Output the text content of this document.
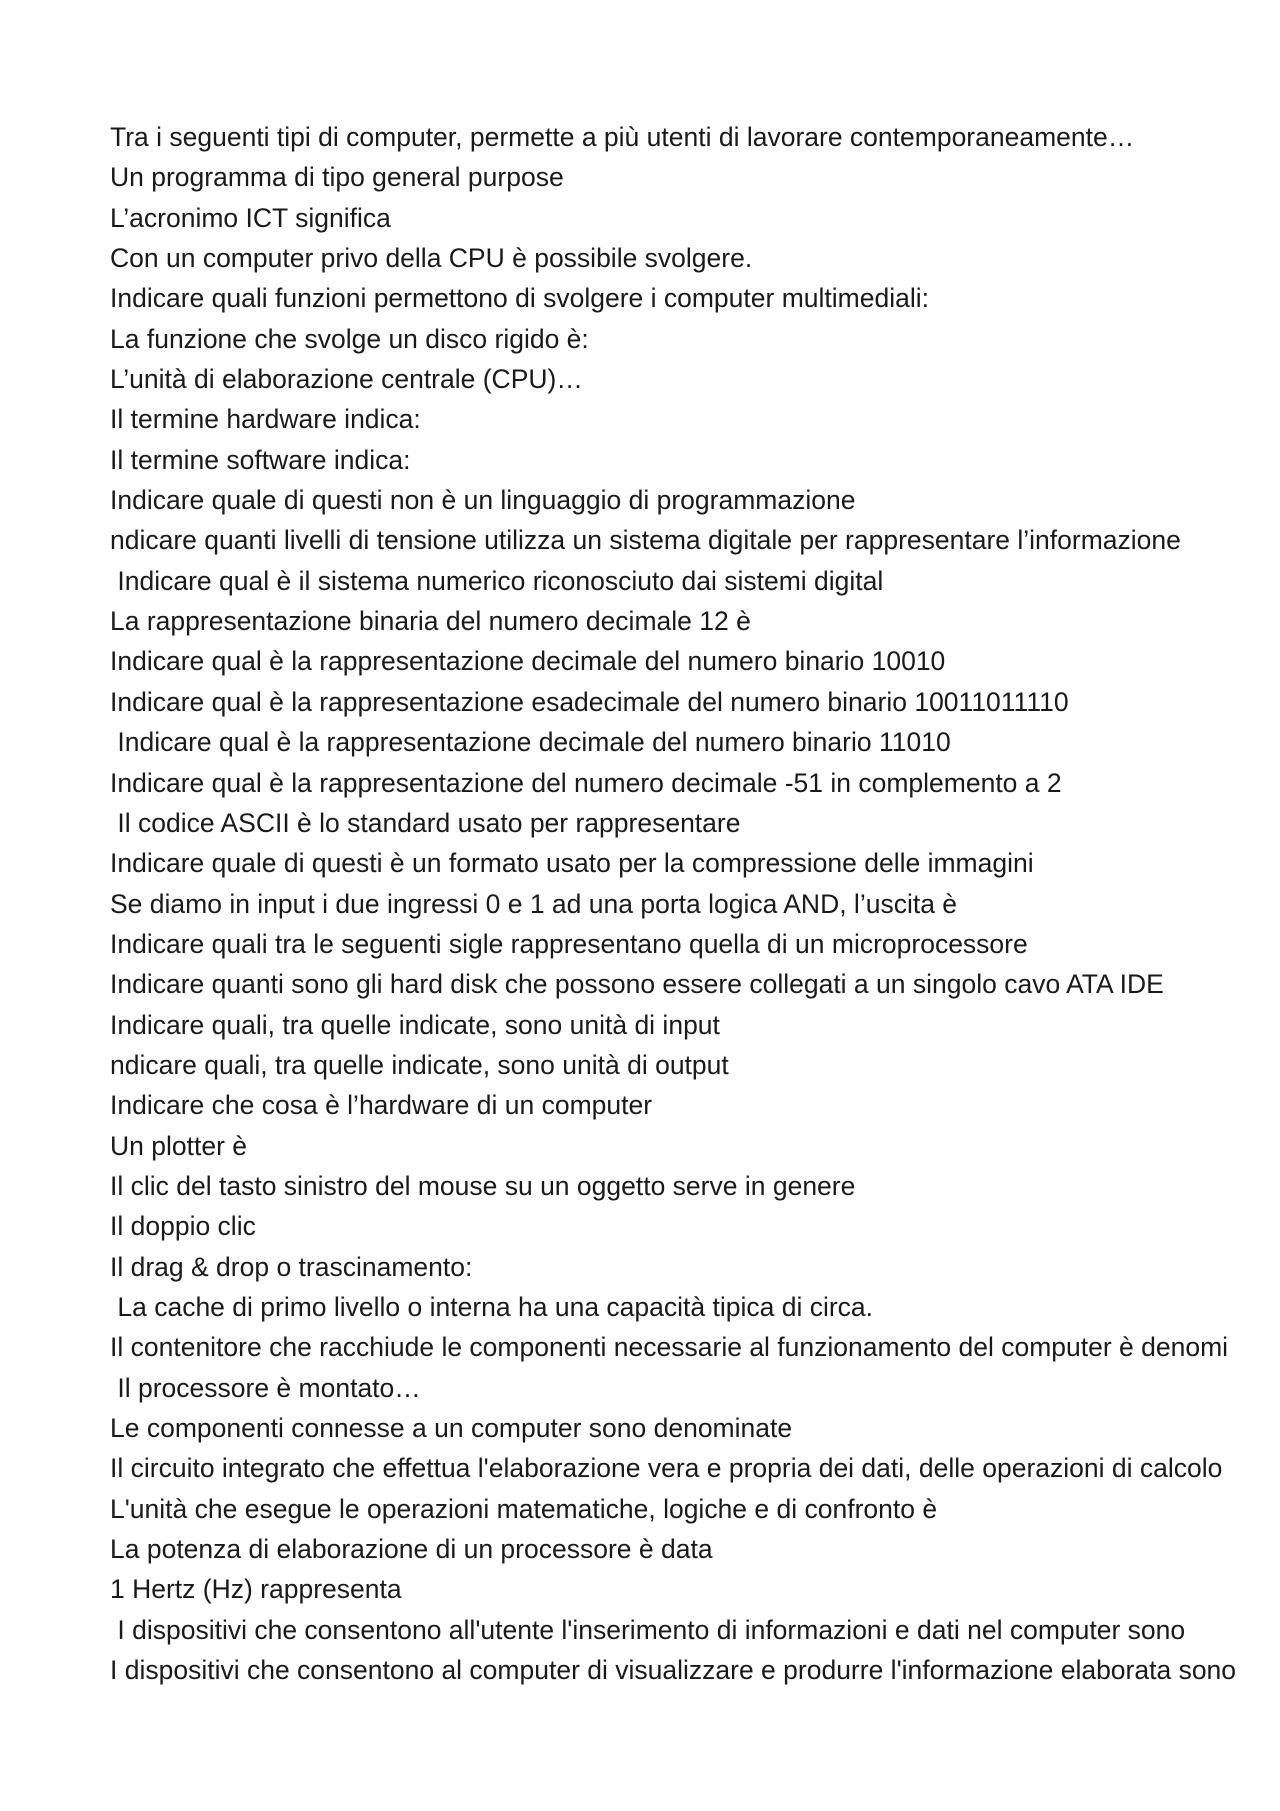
Tra i seguenti tipi di computer, permette a più utenti di lavorare contemporaneamente…
Un programma di tipo general purpose
L’acronimo ICT significa
Con un computer privo della CPU è possibile svolgere.
Indicare quali funzioni permettono di svolgere i computer multimediali:
La funzione che svolge un disco rigido è:
L’unità di elaborazione centrale (CPU)…
Il termine hardware indica:
Il termine software indica:
Indicare quale di questi non è un linguaggio di programmazione
ndicare quanti livelli di tensione utilizza un sistema digitale per rappresentare l’informazione
Indicare qual è il sistema numerico riconosciuto dai sistemi digital
La rappresentazione binaria del numero decimale 12 è
Indicare qual è la rappresentazione decimale del numero binario 10010
Indicare qual è la rappresentazione esadecimale del numero binario 10011011110
Indicare qual è la rappresentazione decimale del numero binario 11010
Indicare qual è la rappresentazione del numero decimale -51 in complemento a 2
Il codice ASCII è lo standard usato per rappresentare
Indicare quale di questi è un formato usato per la compressione delle immagini
Se diamo in input i due ingressi 0 e 1 ad una porta logica AND, l’uscita è
Indicare quali tra le seguenti sigle rappresentano quella di un microprocessore
Indicare quanti sono gli hard disk che possono essere collegati a un singolo cavo ATA IDE
Indicare quali, tra quelle indicate, sono unità di input
ndicare quali, tra quelle indicate, sono unità di output
Indicare che cosa è l’hardware di un computer
Un plotter è
Il clic del tasto sinistro del mouse su un oggetto serve in genere
Il doppio clic
Il drag & drop o trascinamento:
La cache di primo livello o interna ha una capacità tipica di circa.
Il contenitore che racchiude le componenti necessarie al funzionamento del computer è denomi
Il processore è montato…
Le componenti connesse a un computer sono denominate
Il circuito integrato che effettua l'elaborazione vera e propria dei dati, delle operazioni di calcolo
L'unità che esegue le operazioni matematiche, logiche e di confronto è
La potenza di elaborazione di un processore è data
1 Hertz (Hz) rappresenta
I dispositivi che consentono all'utente l'inserimento di informazioni e dati nel computer sono
I dispositivi che consentono al computer di visualizzare e produrre l'informazione elaborata sono
